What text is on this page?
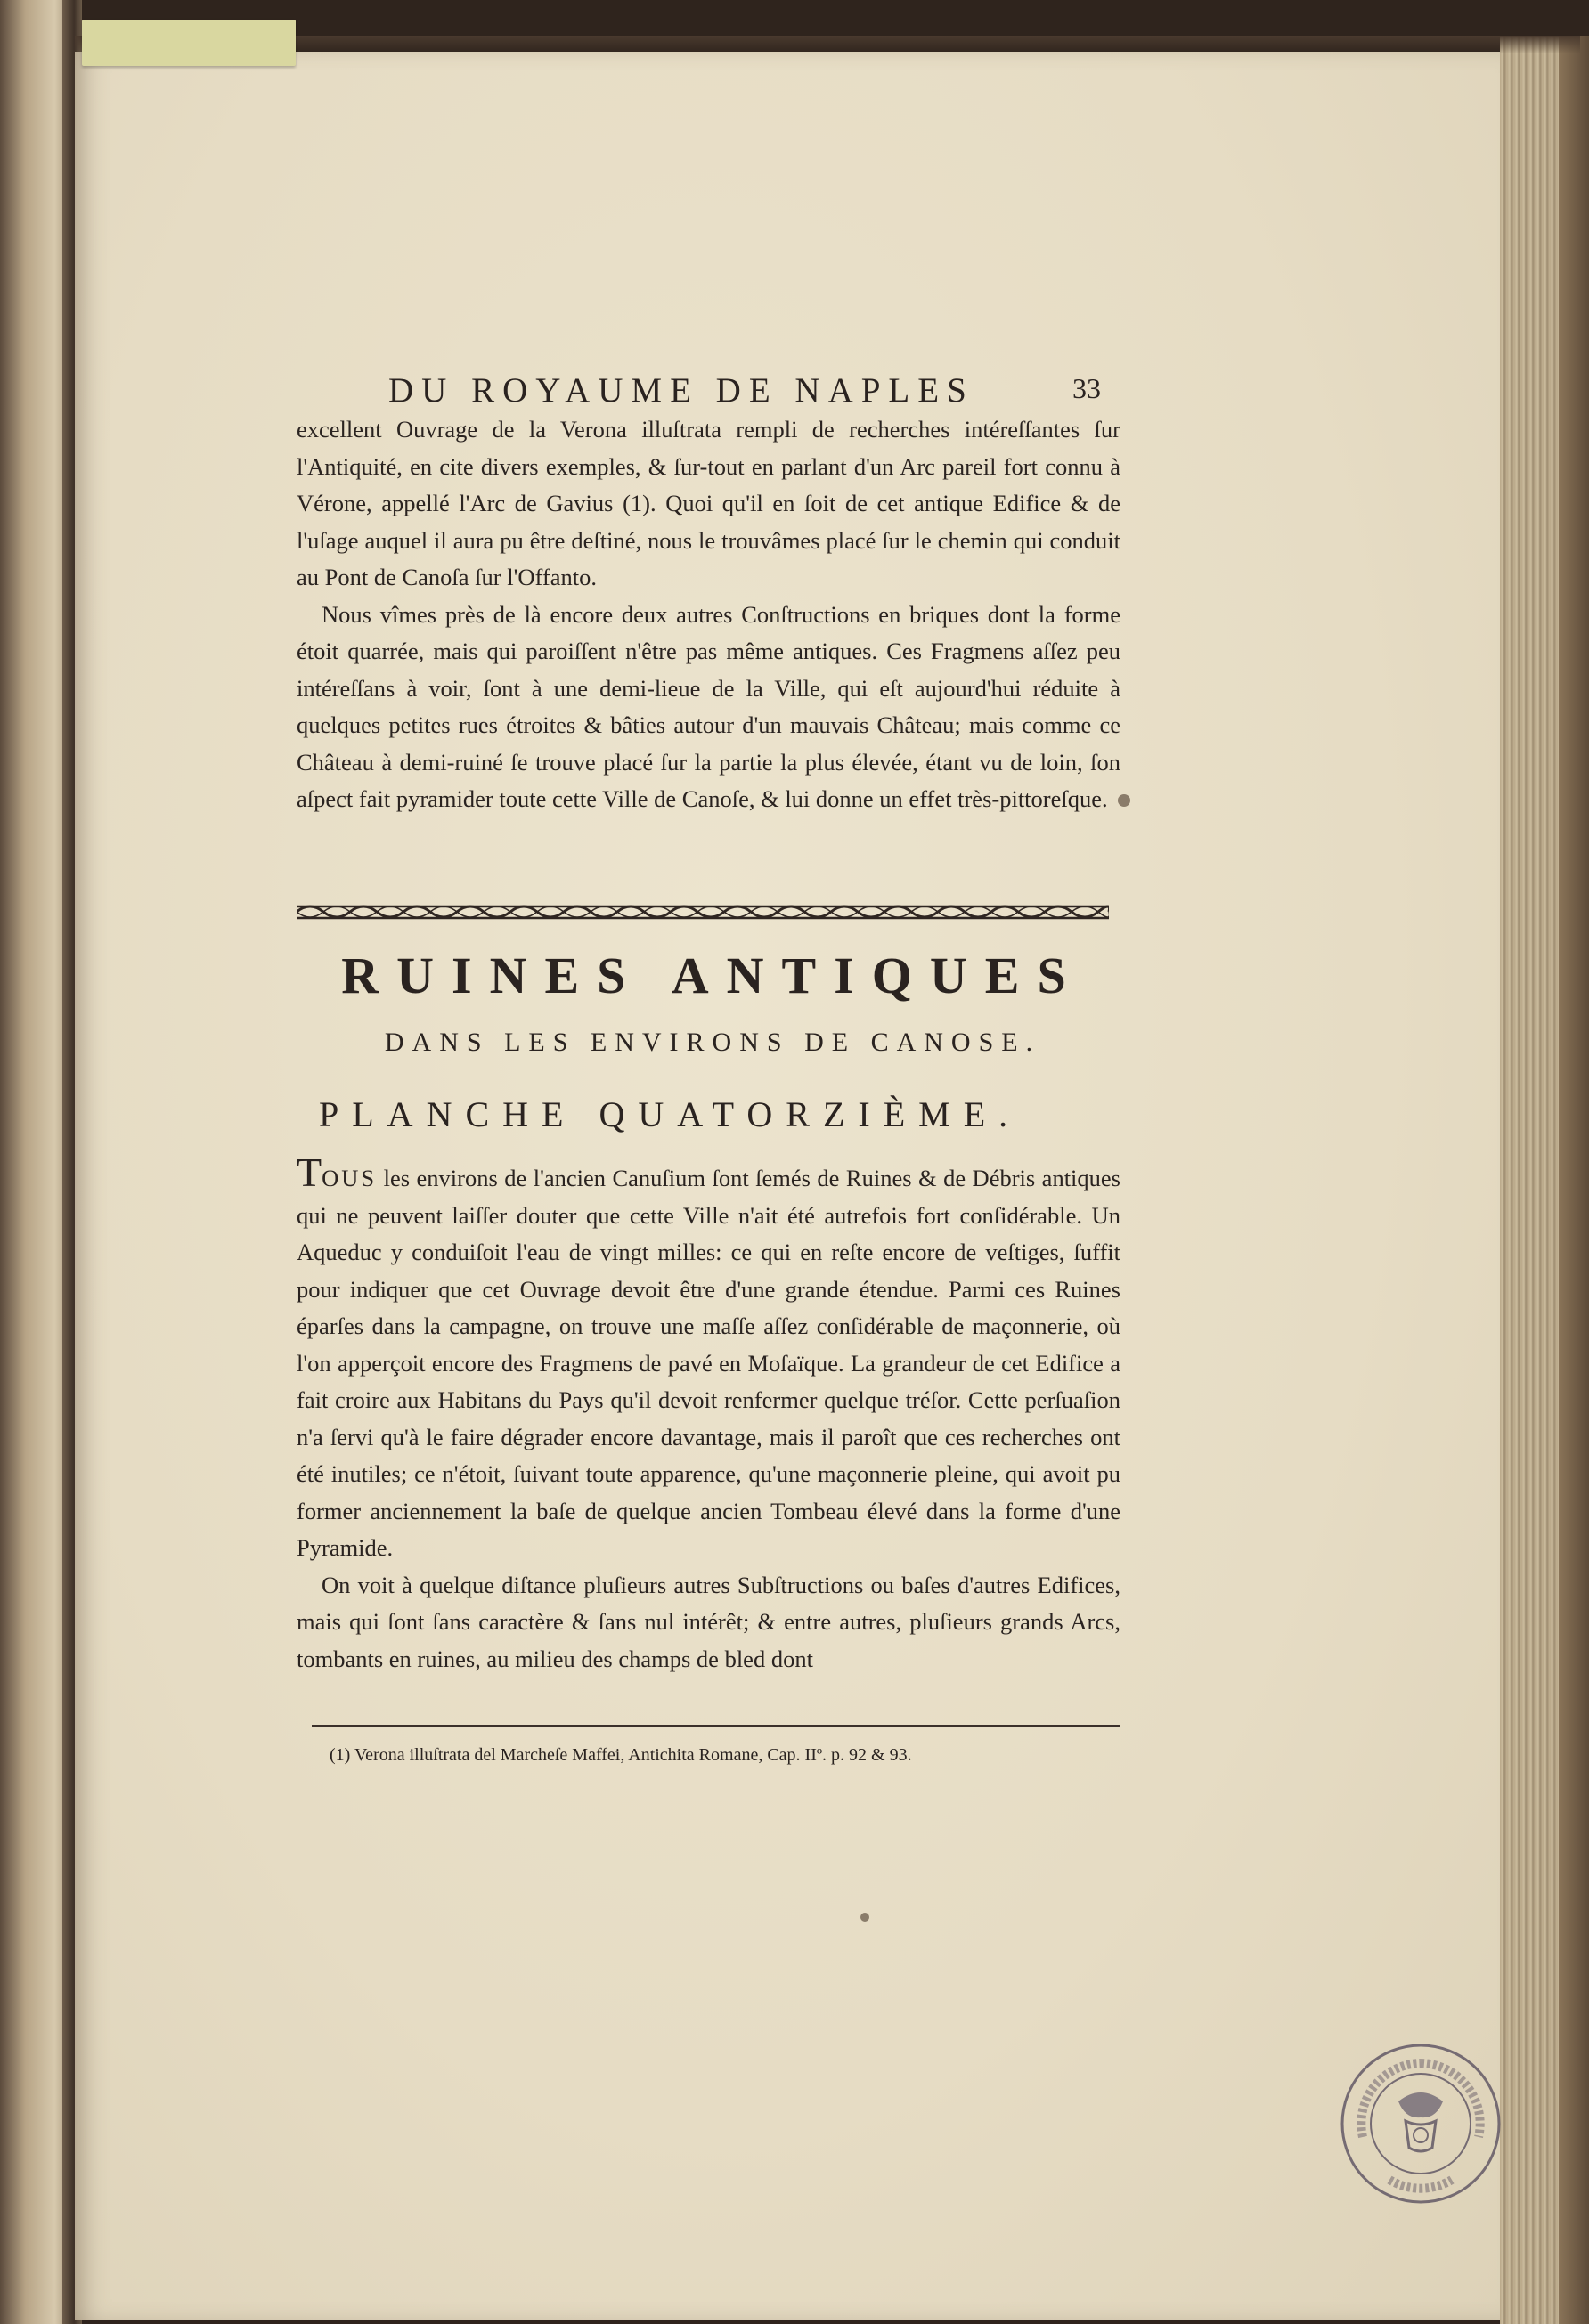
DU ROYAUME DE NAPLES	33

excellent Ouvrage de la Verona illuſtrata rempli de recherches intéreſſantes ſur l'Antiquité, en cite divers exemples, & ſur-tout en parlant d'un Arc pareil fort connu à Vérone, appellé l'Arc de Gavius (1). Quoi qu'il en ſoit de cet antique Edifice & de l'uſage auquel il aura pu être deſtiné, nous le trouvâmes placé ſur le chemin qui conduit au Pont de Canoſa ſur l'Offanto.

Nous vîmes près de là encore deux autres Conſtructions en briques dont la forme étoit quarrée, mais qui paroiſſent n'être pas même antiques. Ces Fragmens aſſez peu intéreſſans à voir, ſont à une demi-lieue de la Ville, qui eſt aujourd'hui réduite à quelques petites rues étroites & bâties autour d'un mauvais Château; mais comme ce Château à demi-ruiné ſe trouve placé ſur la partie la plus élevée, étant vu de loin, ſon aſpect fait pyramider toute cette Ville de Canoſe, & lui donne un effet très-pittoreſque.

RUINES ANTIQUES
DANS LES ENVIRONS DE CANOSE.
PLANCHE QUATORZIÈME.

TOUS les environs de l'ancien Canuſium ſont ſemés de Ruines & de Débris antiques qui ne peuvent laiſſer douter que cette Ville n'ait été autrefois fort conſidérable. Un Aqueduc y conduiſoit l'eau de vingt milles: ce qui en reſte encore de veſtiges, ſuffit pour indiquer que cet Ouvrage devoit être d'une grande étendue. Parmi ces Ruines éparſes dans la campagne, on trouve une maſſe aſſez conſidérable de maçonnerie, où l'on apperçoit encore des Fragmens de pavé en Moſaïque. La grandeur de cet Edifice a fait croire aux Habitans du Pays qu'il devoit renfermer quelque tréſor. Cette perſuaſion n'a ſervi qu'à le faire dégrader encore davantage, mais il paroît que ces recherches ont été inutiles; ce n'étoit, ſuivant toute apparence, qu'une maçonnerie pleine, qui avoit pu former anciennement la baſe de quelque ancien Tombeau élevé dans la forme d'une Pyramide.

On voit à quelque diſtance pluſieurs autres Subſtructions ou baſes d'autres Edifices, mais qui ſont ſans caractère & ſans nul intérêt; & entre autres, pluſieurs grands Arcs, tombants en ruines, au milieu des champs de bled dont

(1) Verona illuſtrata del Marcheſe Maffei, Antichita Romane, Cap. IIº. p. 92 & 93.
